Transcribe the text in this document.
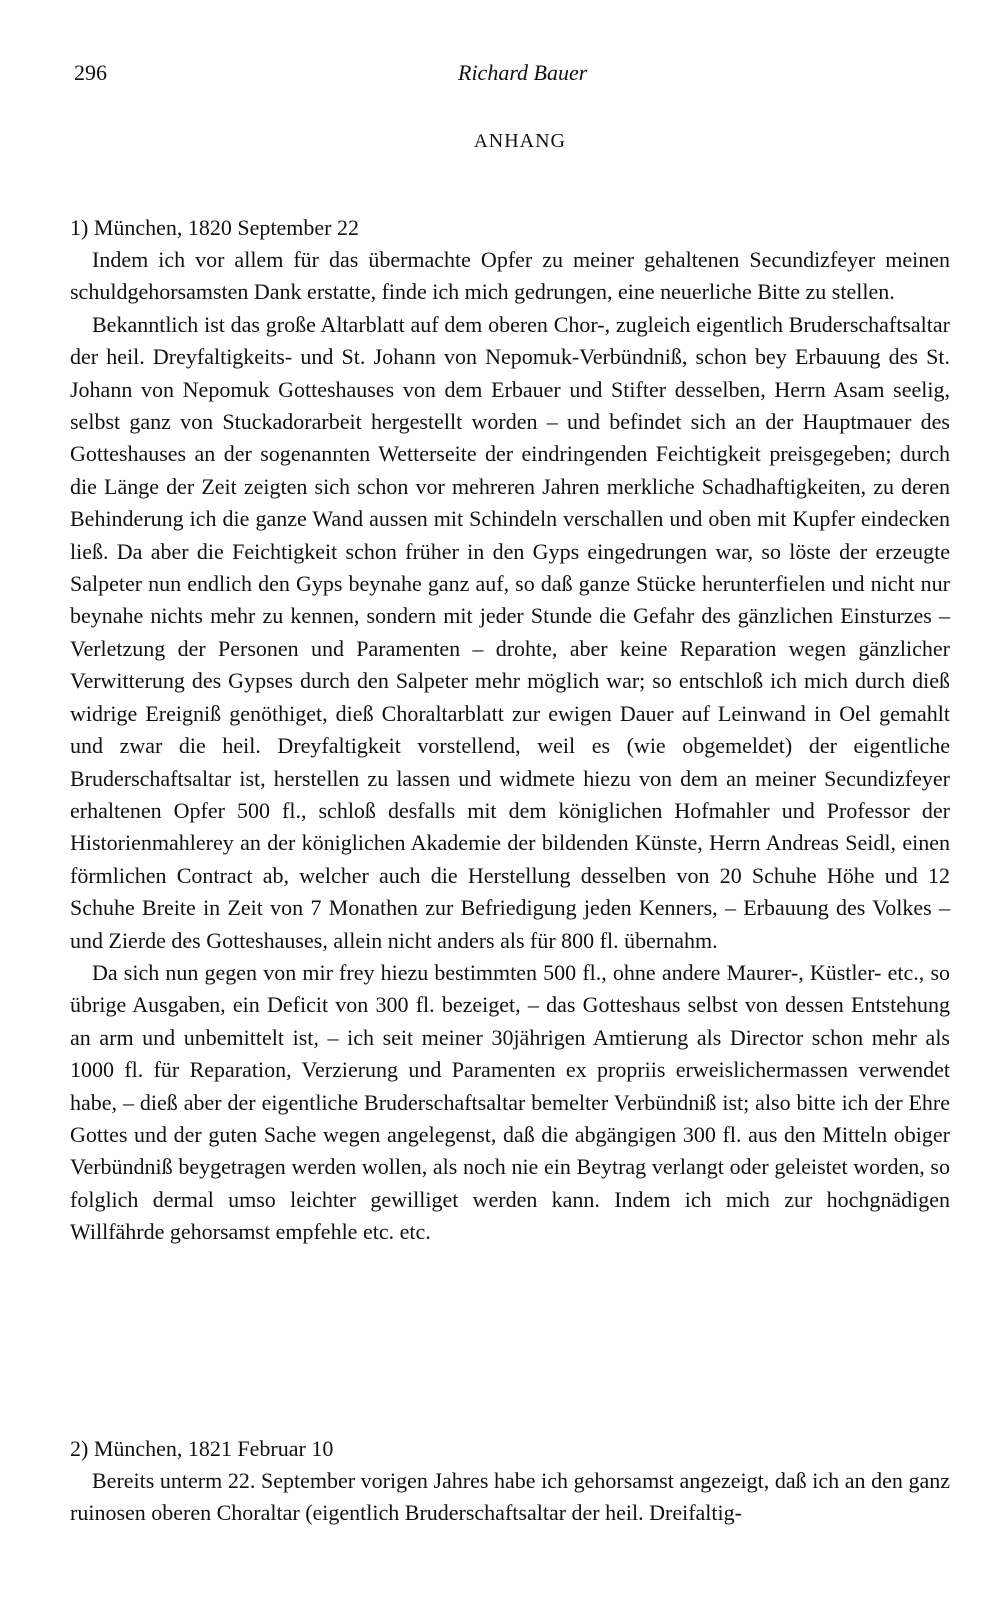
296	Richard Bauer
ANHANG

1) München, 1820 September 22

Indem ich vor allem für das übermachte Opfer zu meiner gehaltenen Secundizfeyer meinen schuldgehorsamsten Dank erstatte, finde ich mich gedrungen, eine neuerliche Bitte zu stellen.

Bekanntlich ist das große Altarblatt auf dem oberen Chor-, zugleich eigentlich Bruderschaftsaltar der heil. Dreyfaltigkeits- und St. Johann von Nepomuk-Verbündniß, schon bey Erbauung des St. Johann von Nepomuk Gotteshauses von dem Erbauer und Stifter desselben, Herrn Asam seelig, selbst ganz von Stuckadorarbeit hergestellt worden – und befindet sich an der Hauptmauer des Gotteshauses an der sogenannten Wetterseite der eindringenden Feichtigkeit preisgegeben; durch die Länge der Zeit zeigten sich schon vor mehreren Jahren merkliche Schadhaftigkeiten, zu deren Behinderung ich die ganze Wand aussen mit Schindeln verschallen und oben mit Kupfer eindecken ließ. Da aber die Feichtigkeit schon früher in den Gyps eingedrungen war, so löste der erzeugte Salpeter nun endlich den Gyps beynahe ganz auf, so daß ganze Stücke herunterfielen und nicht nur beynahe nichts mehr zu kennen, sondern mit jeder Stunde die Gefahr des gänzlichen Einsturzes – Verletzung der Personen und Paramenten – drohte, aber keine Reparation wegen gänzlicher Verwitterung des Gypses durch den Salpeter mehr möglich war; so entschloß ich mich durch dieß widrige Ereigniß genöthiget, dieß Choraltarblatt zur ewigen Dauer auf Leinwand in Oel gemahlt und zwar die heil. Dreyfaltigkeit vorstellend, weil es (wie obgemeldet) der eigentliche Bruderschaftsaltar ist, herstellen zu lassen und widmete hiezu von dem an meiner Secundizfeyer erhaltenen Opfer 500 fl., schloß desfalls mit dem königlichen Hofmahler und Professor der Historienmahlerey an der königlichen Akademie der bildenden Künste, Herrn Andreas Seidl, einen förmlichen Contract ab, welcher auch die Herstellung desselben von 20 Schuhe Höhe und 12 Schuhe Breite in Zeit von 7 Monathen zur Befriedigung jeden Kenners, – Erbauung des Volkes – und Zierde des Gotteshauses, allein nicht anders als für 800 fl. übernahm.

Da sich nun gegen von mir frey hiezu bestimmten 500 fl., ohne andere Maurer-, Küstler- etc., so übrige Ausgaben, ein Deficit von 300 fl. bezeiget, – das Gotteshaus selbst von dessen Entstehung an arm und unbemittelt ist, – ich seit meiner 30jährigen Amtierung als Director schon mehr als 1000 fl. für Reparation, Verzierung und Paramenten ex propriis erweislichermassen verwendet habe, – dieß aber der eigentliche Bruderschaftsaltar bemelter Verbündniß ist; also bitte ich der Ehre Gottes und der guten Sache wegen angelegenst, daß die abgängigen 300 fl. aus den Mitteln obiger Verbündniß beygetragen werden wollen, als noch nie ein Beytrag verlangt oder geleistet worden, so folglich dermal umso leichter gewilliget werden kann. Indem ich mich zur hochgnädigen Willfährde gehorsamst empfehle etc. etc.

2) München, 1821 Februar 10

Bereits unterm 22. September vorigen Jahres habe ich gehorsamst angezeigt, daß ich an den ganz ruinosen oberen Choraltar (eigentlich Bruderschaftsaltar der heil. Dreifaltig-
